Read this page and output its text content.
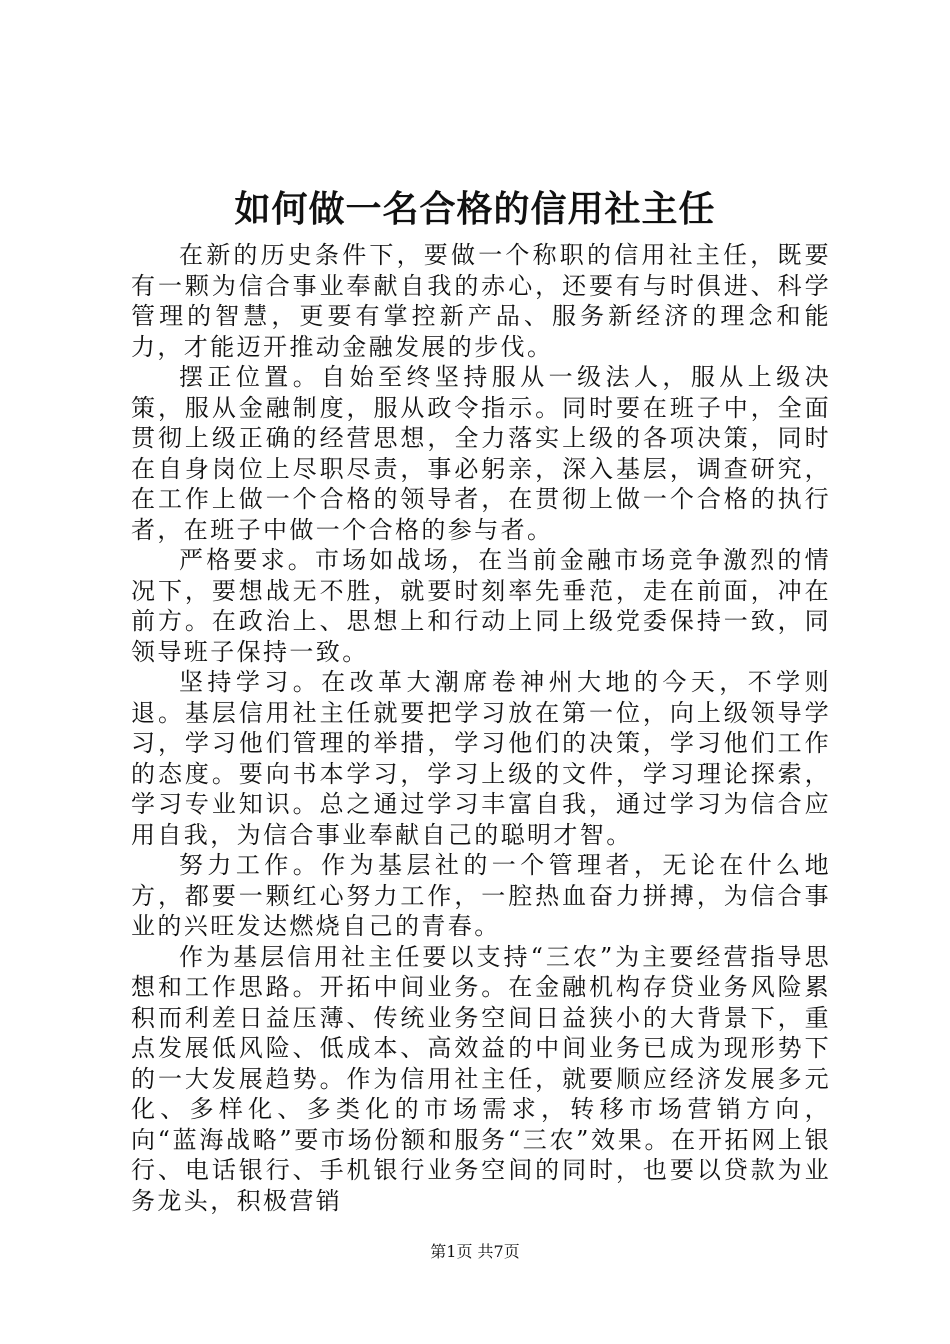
如何做一名合格的信用社主任

在新的历史条件下，要做一个称职的信用社主任，既要有一颗为信合事业奉献自我的赤心，还要有与时俱进、科学管理的智慧，更要有掌控新产品、服务新经济的理念和能力，才能迈开推动金融发展的步伐。

摆正位置。自始至终坚持服从一级法人，服从上级决策，服从金融制度，服从政令指示。同时要在班子中，全面贯彻上级正确的经营思想，全力落实上级的各项决策，同时在自身岗位上尽职尽责，事必躬亲，深入基层，调查研究，在工作上做一个合格的领导者，在贯彻上做一个合格的执行者，在班子中做一个合格的参与者。

严格要求。市场如战场，在当前金融市场竞争激烈的情况下，要想战无不胜，就要时刻率先垂范，走在前面，冲在前方。在政治上、思想上和行动上同上级党委保持一致，同领导班子保持一致。

坚持学习。在改革大潮席卷神州大地的今天，不学则退。基层信用社主任就要把学习放在第一位，向上级领导学习，学习他们管理的举措，学习他们的决策，学习他们工作的态度。要向书本学习，学习上级的文件，学习理论探索，学习专业知识。总之通过学习丰富自我，通过学习为信合应用自我，为信合事业奉献自己的聪明才智。

努力工作。作为基层社的一个管理者，无论在什么地方，都要一颗红心努力工作，一腔热血奋力拼搏，为信合事业的兴旺发达燃烧自己的青春。

作为基层信用社主任要以支持“三农”为主要经营指导思想和工作思路。开拓中间业务。在金融机构存贷业务风险累积而利差日益压薄、传统业务空间日益狭小的大背景下，重点发展低风险、低成本、高效益的中间业务已成为现形势下的一大发展趋势。作为信用社主任，就要顺应经济发展多元化、多样化、多类化的市场需求，转移市场营销方向，向“蓝海战略”要市场份额和服务“三农”效果。在开拓网上银行、电话银行、手机银行业务空间的同时，也要以贷款为业务龙头，积极营销

第1页 共7页
